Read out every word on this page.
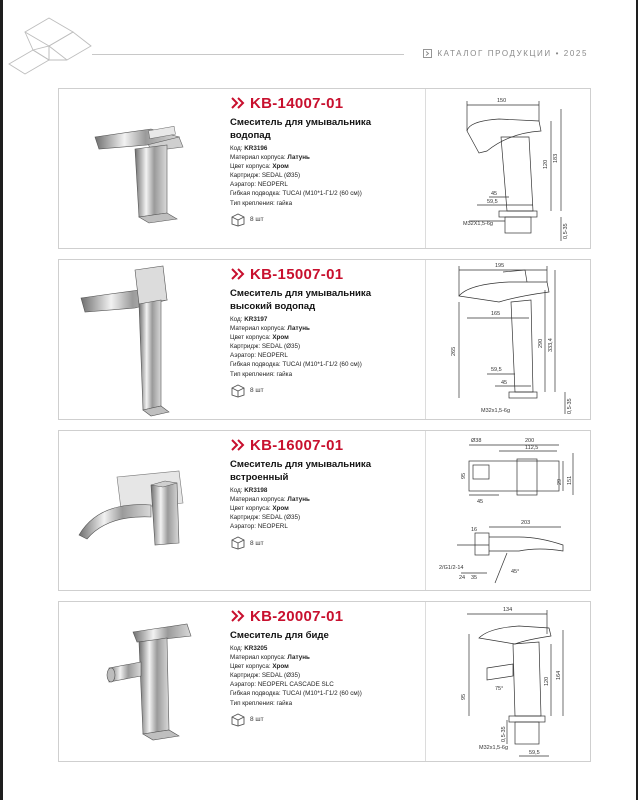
КАТАЛОГ ПРОДУКЦИИ • 2025
KB-14007-01
Смеситель для умывальника
водопад
Код: KR3196
Материал корпуса: Латунь
Цвет корпуса: Хром
Картридж: SEDAL (Ø35)
Аэратор: NEOPERL
Гибкая подводка: TUCAI (M10*1-Г1/2 (60 см))
Тип крепления: гайка
8 шт
150
45
59,5
M32X1,5-6g
120
183
0,5-35
KB-15007-01
Смеситель для умывальника
высокий водопад
Код: KR3197
Материал корпуса: Латунь
Цвет корпуса: Хром
Картридж: SEDAL (Ø35)
Аэратор: NEOPERL
Гибкая подводка: TUCAI (M10*1-Г1/2 (60 см))
Тип крепления: гайка
8 шт
195
165
265
290 333,4
59,5
45
M32x1,5-6g	0,5-35
KB-16007-01
Смеситель для умывальника
встроенный
Код: KR3198
Материал корпуса: Латунь
Цвет корпуса: Хром
Картридж: SEDAL (Ø35)
Аэратор: NEOPERL
8 шт
Ø38	200
112,5
95
45
29 151
16
203
2/G1/2-14
24 35
45°
KB-20007-01
Смеситель для биде
Код: KR3205
Материал корпуса: Латунь
Цвет корпуса: Хром
Картридж: SEDAL (Ø35)
Аэратор: NEOPERL CASCADE SLC
Гибкая подводка: TUCAI (M10*1-Г1/2 (60 см))
Тип крепления: гайка
8 шт
134
75°
120
164
95
0,5-35
M32x1,5-6g
59,5
